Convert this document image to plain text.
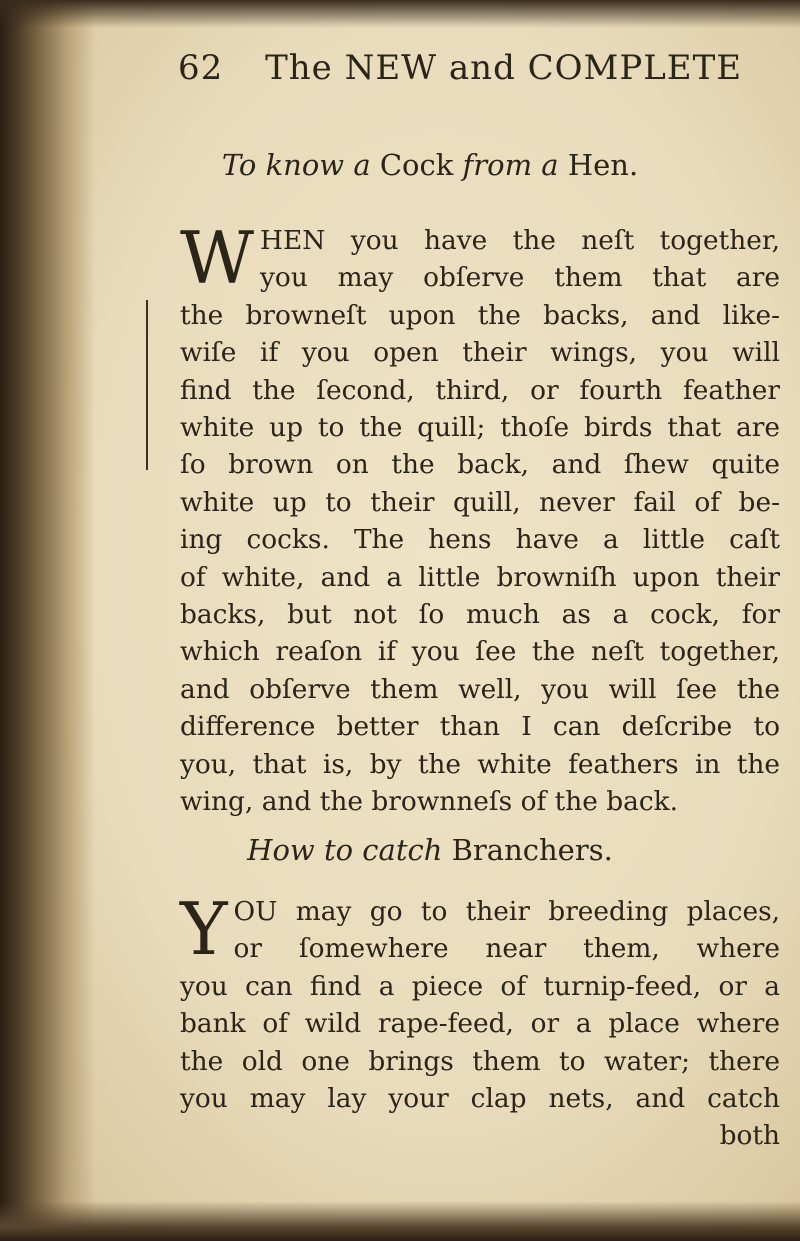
62 The NEW and COMPLETE
To know a Cock from a Hen.
W HEN you have the neſt together,
you may obſerve them that are
the browneſt upon the backs, and like-
wiſe if you open their wings, you will
find the ſecond, third, or fourth feather
white up to the quill; thoſe birds that are
ſo brown on the back, and ſhew quite
white up to their quill, never fail of be-
ing cocks. The hens have a little caſt
of white, and a little browniſh upon their
backs, but not ſo much as a cock, for
which reaſon if you ſee the neſt together,
and obſerve them well, you will ſee the
difference better than I can deſcribe to
you, that is, by the white feathers in the
wing, and the brownneſs of the back.
How to catch Branchers.
Y OU may go to their breeding places,
or ſomewhere near them, where
you can find a piece of turnip-feed, or a
bank of wild rape-feed, or a place where
the old one brings them to water; there
you may lay your clap nets, and catch
both
